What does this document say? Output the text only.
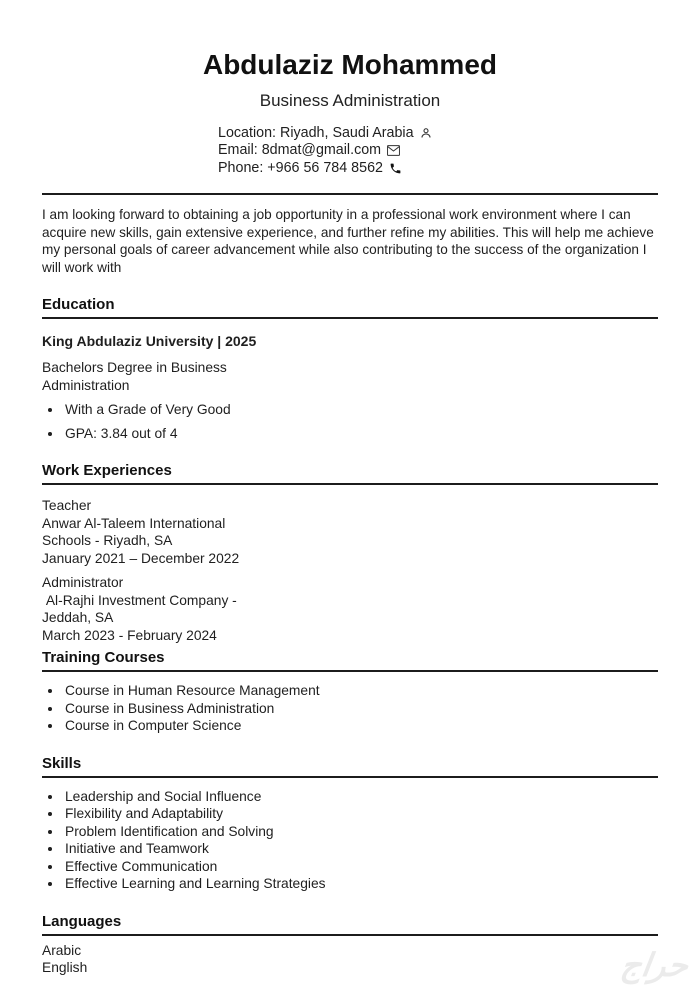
Abdulaziz Mohammed
Business Administration
Location: Riyadh, Saudi Arabia
Email: 8dmat@gmail.com
Phone: +966 56 784 8562

I am looking forward to obtaining a job opportunity in a professional work environment where I can acquire new skills, gain extensive experience, and further refine my abilities. This will help me achieve my personal goals of career advancement while also contributing to the success of the organization I will work with

Education
King Abdulaziz University | 2025
Bachelors Degree in Business Administration
• With a Grade of Very Good
• GPA: 3.84 out of 4
Work Experiences
Teacher
Anwar Al-Taleem International Schools - Riyadh, SA
January 2021 – December 2022
Administrator
Al-Rajhi Investment Company - Jeddah, SA
March 2023 - February 2024
Training Courses
• Course in Human Resource Management
• Course in Business Administration
• Course in Computer Science
Skills
• Leadership and Social Influence
• Flexibility and Adaptability
• Problem Identification and Solving
• Initiative and Teamwork
• Effective Communication
• Effective Learning and Learning Strategies
Languages
Arabic
English	حراج
